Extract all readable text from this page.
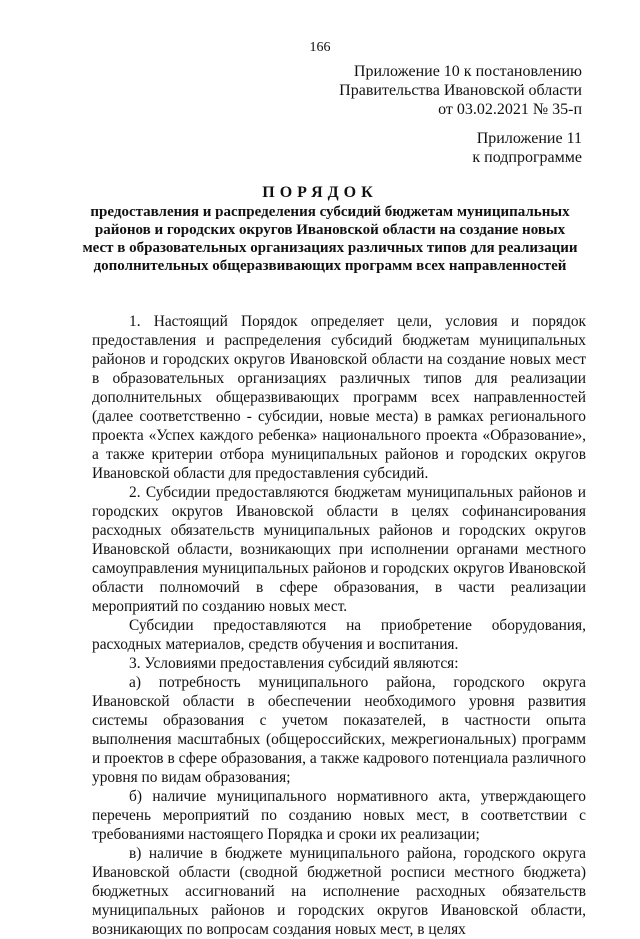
166
Приложение 10 к постановлению
Правительства Ивановской области
от 03.02.2021 № 35-п
Приложение 11
к подпрограмме
ПОРЯДОК
предоставления и распределения субсидий бюджетам муниципальных районов и городских округов Ивановской области на создание новых мест в образовательных организациях различных типов для реализации дополнительных общеразвивающих программ всех направленностей

1. Настоящий Порядок определяет цели, условия и порядок предоставления и распределения субсидий бюджетам муниципальных районов и городских округов Ивановской области на создание новых мест в образовательных организациях различных типов для реализации дополнительных общеразвивающих программ всех направленностей (далее соответственно - субсидии, новые места) в рамках регионального проекта «Успех каждого ребенка» национального проекта «Образование», а также критерии отбора муниципальных районов и городских округов Ивановской области для предоставления субсидий.

2. Субсидии предоставляются бюджетам муниципальных районов и городских округов Ивановской области в целях софинансирования расходных обязательств муниципальных районов и городских округов Ивановской области, возникающих при исполнении органами местного самоуправления муниципальных районов и городских округов Ивановской области полномочий в сфере образования, в части реализации мероприятий по созданию новых мест.

Субсидии предоставляются на приобретение оборудования, расходных материалов, средств обучения и воспитания.

3. Условиями предоставления субсидий являются:

а) потребность муниципального района, городского округа Ивановской области в обеспечении необходимого уровня развития системы образования с учетом показателей, в частности опыта выполнения масштабных (общероссийских, межрегиональных) программ и проектов в сфере образования, а также кадрового потенциала различного уровня по видам образования;

б) наличие муниципального нормативного акта, утверждающего перечень мероприятий по созданию новых мест, в соответствии с требованиями настоящего Порядка и сроки их реализации;

в) наличие в бюджете муниципального района, городского округа Ивановской области (сводной бюджетной росписи местного бюджета) бюджетных ассигнований на исполнение расходных обязательств муниципальных районов и городских округов Ивановской области, возникающих по вопросам создания новых мест, в целях
